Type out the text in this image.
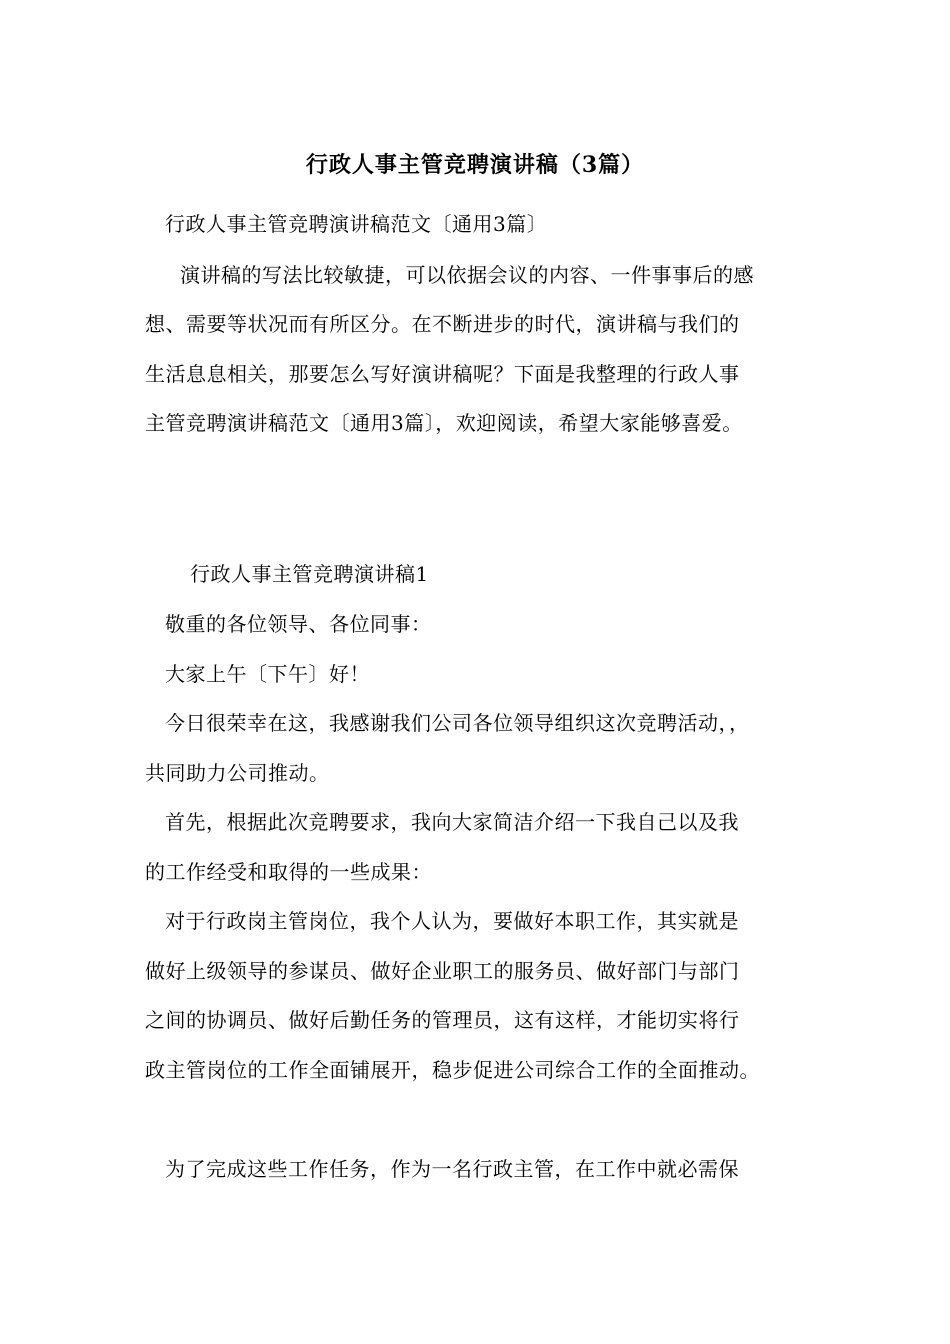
行政人事主管竞聘演讲稿（3篇）
行政人事主管竞聘演讲稿范文〔通用3篇〕
演讲稿的写法比较敏捷，可以依据会议的内容、一件事事后的感
想、需要等状况而有所区分。在不断进步的时代，演讲稿与我们的
生活息息相关，那要怎么写好演讲稿呢？下面是我整理的行政人事
主管竞聘演讲稿范文〔通用3篇〕，欢迎阅读，希望大家能够喜爱。
行政人事主管竞聘演讲稿1
敬重的各位领导、各位同事：
大家上午〔下午〕好！
今日很荣幸在这，我感谢我们公司各位领导组织这次竞聘活动，，
共同助力公司推动。
首先，根据此次竞聘要求，我向大家简洁介绍一下我自己以及我
的工作经受和取得的一些成果：
对于行政岗主管岗位，我个人认为，要做好本职工作，其实就是
做好上级领导的参谋员、做好企业职工的服务员、做好部门与部门
之间的协调员、做好后勤任务的管理员，这有这样，才能切实将行
政主管岗位的工作全面铺展开，稳步促进公司综合工作的全面推动。
为了完成这些工作任务，作为一名行政主管，在工作中就必需保
